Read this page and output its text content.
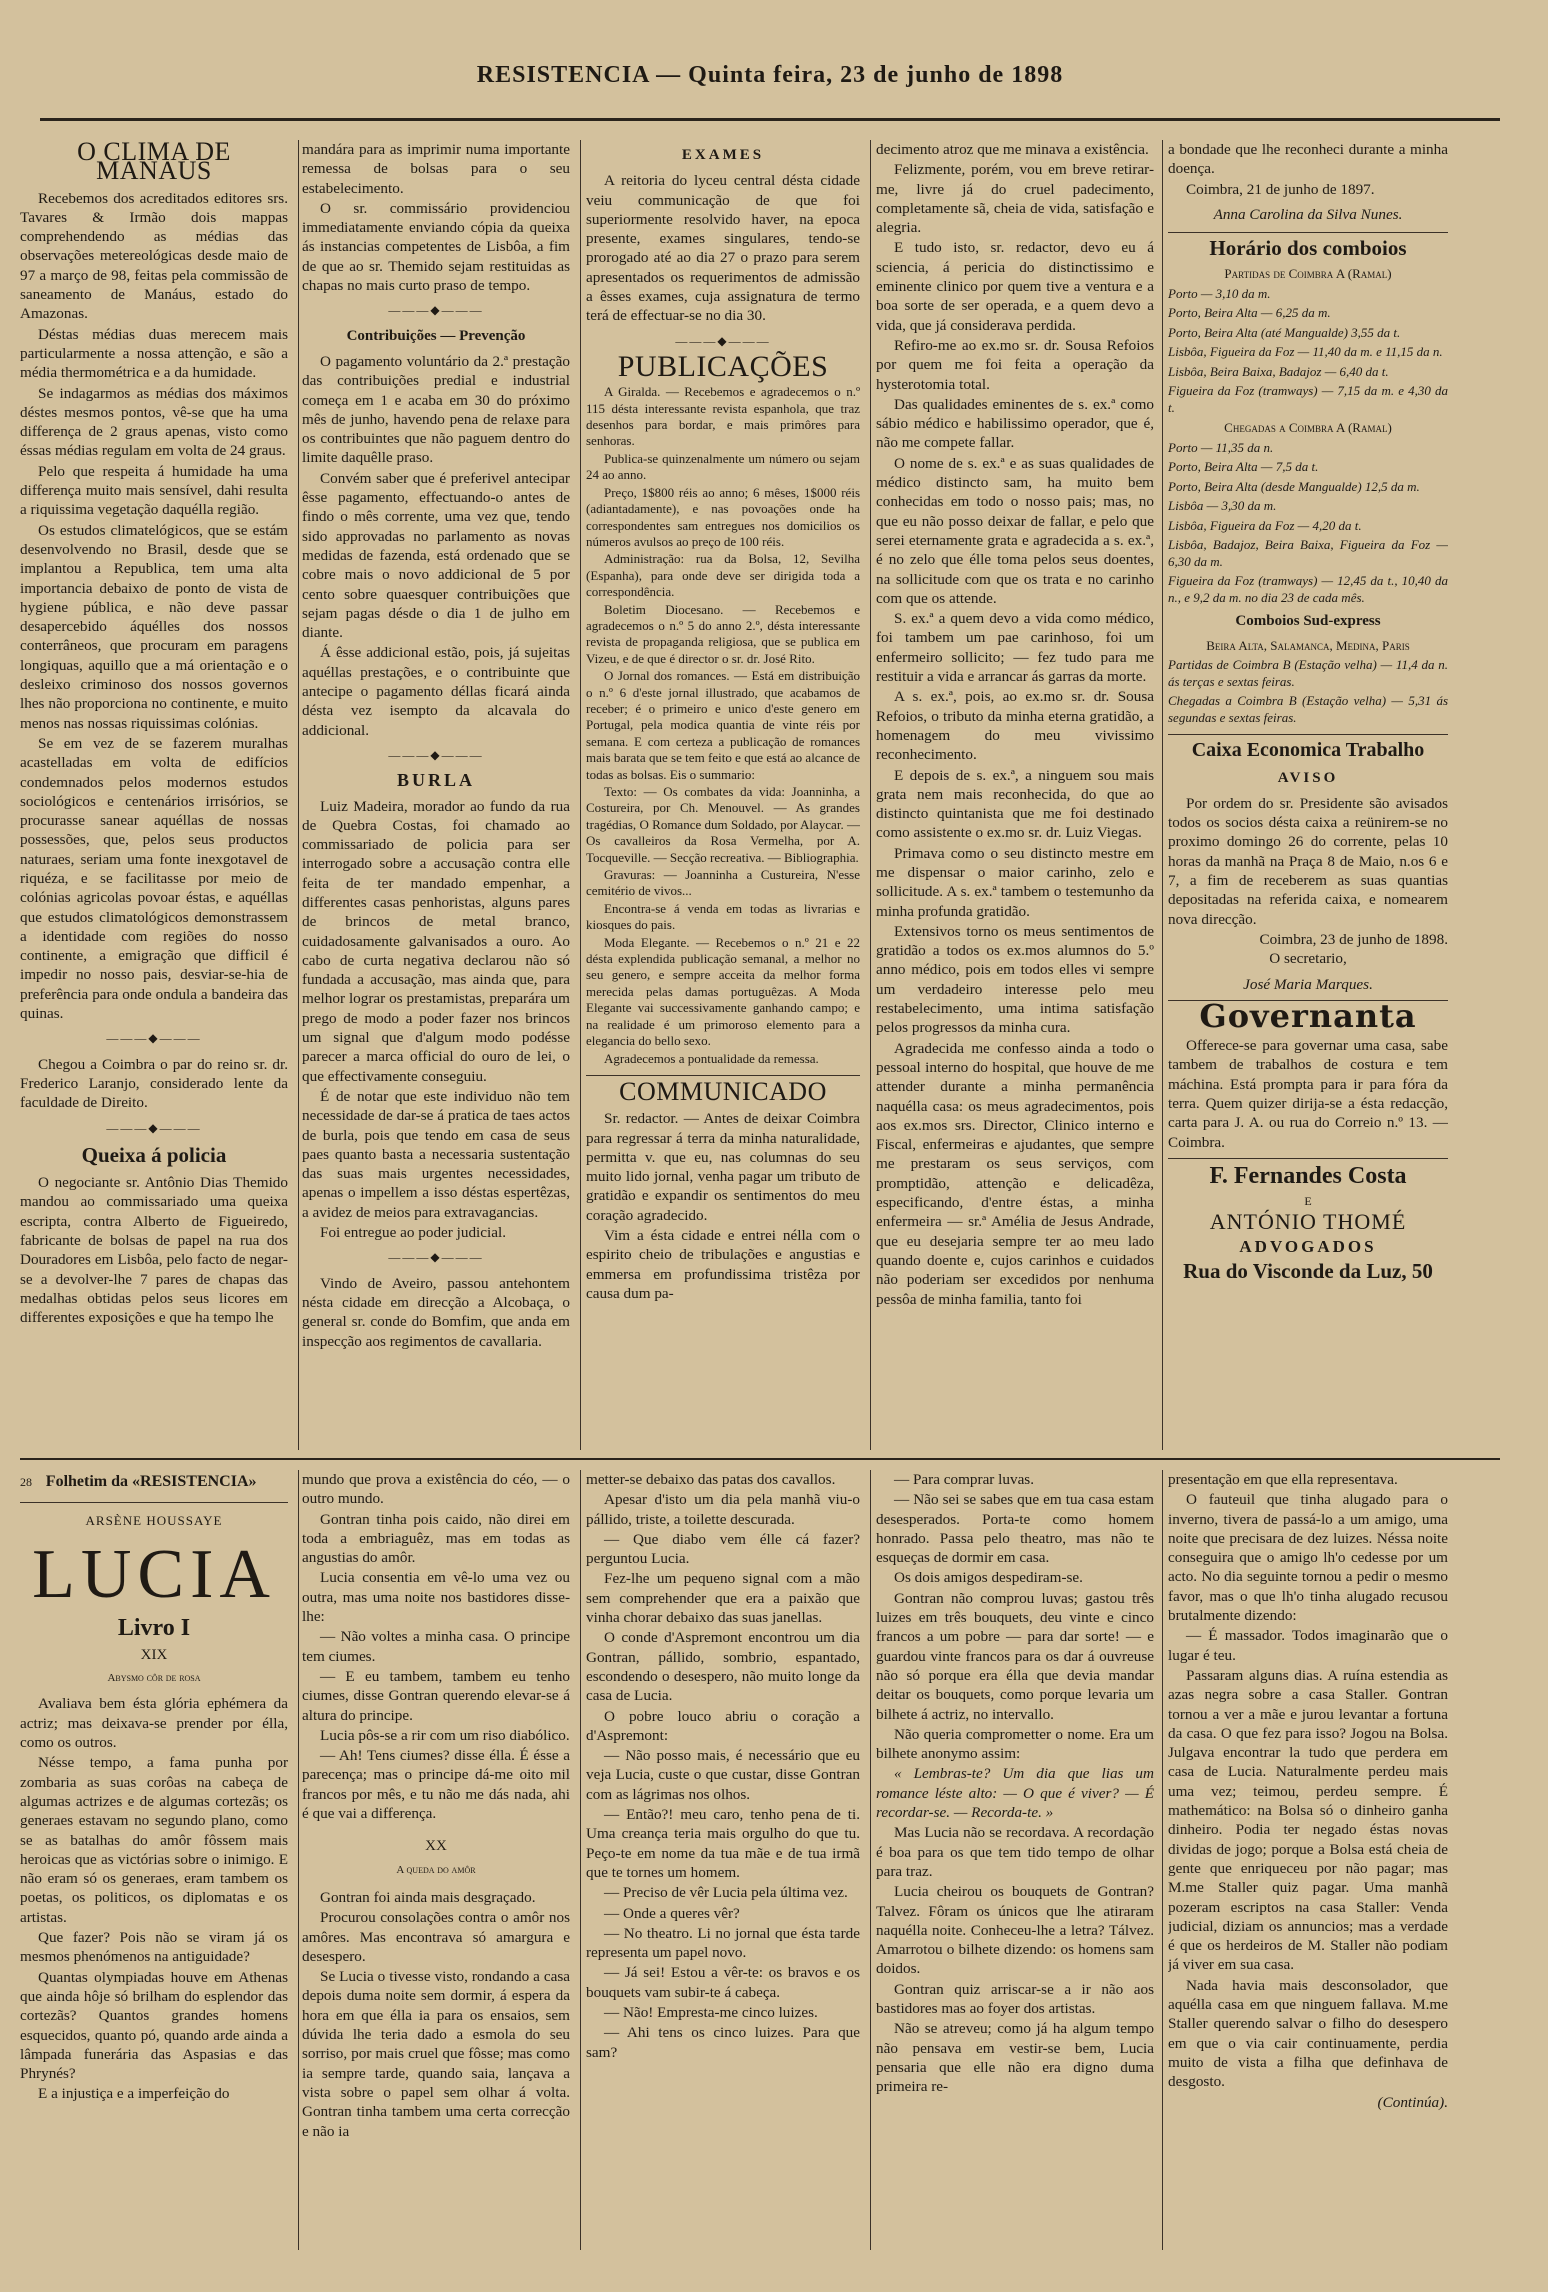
RESISTENCIA — Quinta feira, 23 de junho de 1898
O CLIMA DE MANAUS

Recebemos dos acreditados editores srs. Tavares & Irmão dois mappas comprehendendo as médias das observações metereológicas desde maio de 97 a março de 98, feitas pela commissão de saneamento de Manáus, estado do Amazonas.

Déstas médias duas merecem mais particularmente a nossa attenção, e são a média thermométrica e a da humidade.

Se indagarmos as médias dos máximos déstes mesmos pontos, vê-se que ha uma differença de 2 graus apenas, visto como éssas médias regulam em volta de 24 graus.

Pelo que respeita á humidade ha uma differença muito mais sensível, dahi resulta a riquissima vegetação daquélla região.

Os estudos climatelógicos, que se estám desenvolvendo no Brasil, desde que se implantou a Republica, tem uma alta importancia debaixo de ponto de vista de hygiene pública, e não deve passar desapercebido áquélles dos nossos conterrâneos, que procuram em paragens longiquas, aquillo que a má orientação e o desleixo criminoso dos nossos governos lhes não proporciona no continente, e muito menos nas nossas riquissimas colónias.

Se em vez de se fazerem muralhas acastelladas em volta de edifícios condemnados pelos modernos estudos sociológicos e centenários irrisórios, se procurasse sanear aquéllas de nossas possessões, que, pelos seus productos naturaes, seriam uma fonte inexgotavel de riquéza, e se facilitasse por meio de colónias agricolas povoar éstas, e aquéllas que estudos climatológicos demonstrassem a identidade com regiões do nosso continente, a emigração que difficil é impedir no nosso pais, desviar-se-hia de preferência para onde ondula a bandeira das quinas.

———◆———

Chegou a Coimbra o par do reino sr. dr. Frederico Laranjo, considerado lente da faculdade de Direito.

———◆———
Queixa á policia

O negociante sr. Antônio Dias Themido mandou ao commissariado uma queixa escripta, contra Alberto de Figueiredo, fabricante de bolsas de papel na rua dos Douradores em Lisbôa, pelo facto de negar-se a devolver-lhe 7 pares de chapas das medalhas obtidas pelos seus licores em differentes exposições e que ha tempo lhe

mandára para as imprimir numa importante remessa de bolsas para o seu estabelecimento.

O sr. commissário providenciou immediatamente enviando cópia da queixa ás instancias competentes de Lisbôa, a fim de que ao sr. Themido sejam restituidas as chapas no mais curto praso de tempo.

———◆———
Contribuições — Prevenção

O pagamento voluntário da 2.ª prestação das contribuições predial e industrial começa em 1 e acaba em 30 do próximo mês de junho, havendo pena de relaxe para os contribuintes que não paguem dentro do limite daquêlle praso.

Convém saber que é preferivel antecipar êsse pagamento, effectuando-o antes de findo o mês corrente, uma vez que, tendo sido approvadas no parlamento as novas medidas de fazenda, está ordenado que se cobre mais o novo addicional de 5 por cento sobre quaesquer contribuições que sejam pagas désde o dia 1 de julho em diante.

Á êsse addicional estão, pois, já sujeitas aquéllas prestações, e o contribuinte que antecipe o pagamento déllas ficará ainda désta vez isempto da alcavala do addicional.

———◆———
BURLA

Luiz Madeira, morador ao fundo da rua de Quebra Costas, foi chamado ao commissariado de policia para ser interrogado sobre a accusação contra elle feita de ter mandado empenhar, a differentes casas penhoristas, alguns pares de brincos de metal branco, cuidadosamente galvanisados a ouro. Ao cabo de curta negativa declarou não só fundada a accusação, mas ainda que, para melhor lograr os prestamistas, preparára um prego de modo a poder fazer nos brincos um signal que d'algum modo podésse parecer a marca official do ouro de lei, o que effectivamente conseguiu.

É de notar que este individuo não tem necessidade de dar-se á pratica de taes actos de burla, pois que tendo em casa de seus paes quanto basta a necessaria sustentação das suas mais urgentes necessidades, apenas o impellem a isso déstas espertêzas, a avidez de meios para extravagancias.

Foi entregue ao poder judicial.

———◆———

Vindo de Aveiro, passou antehontem nésta cidade em direcção a Alcobaça, o general sr. conde do Bomfim, que anda em inspecção aos regimentos de cavallaria.

EXAMES

A reitoria do lyceu central désta cidade veiu communicação de que foi superiormente resolvido haver, na epoca presente, exames singulares, tendo-se prorogado até ao dia 27 o prazo para serem apresentados os requerimentos de admissão a êsses exames, cuja assignatura de termo terá de effectuar-se no dia 30.

———◆———
PUBLICAÇÕES

A Giralda. — Recebemos e agradecemos o n.º 115 désta interessante revista espanhola, que traz desenhos para bordar, e mais primôres para senhoras.

Publica-se quinzenalmente um número ou sejam 24 ao anno.

Preço, 1$800 réis ao anno; 6 mêses, 1$000 réis (adiantadamente), e nas povoações onde ha correspondentes sam entregues nos domicilios os números avulsos ao preço de 100 réis.

Administração: rua da Bolsa, 12, Sevilha (Espanha), para onde deve ser dirigida toda a correspondência.

Boletim Diocesano. — Recebemos e agradecemos o n.º 5 do anno 2.º, désta interessante revista de propaganda religiosa, que se publica em Vizeu, e de que é director o sr. dr. José Rito.

O Jornal dos romances. — Está em distribuição o n.º 6 d'este jornal illustrado, que acabamos de receber; é o primeiro e unico d'este genero em Portugal, pela modica quantia de vinte réis por semana. E com certeza a publicação de romances mais barata que se tem feito e que está ao alcance de todas as bolsas. Eis o summario:

Texto: — Os combates da vida: Joanninha, a Costureira, por Ch. Menouvel. — As grandes tragédias, O Romance dum Soldado, por Alaycar. — Os cavalleiros da Rosa Vermelha, por A. Tocqueville. — Secção recreativa. — Bibliographia.

Gravuras: — Joanninha a Custureira, N'esse cemitério de vivos...

Encontra-se á venda em todas as livrarias e kiosques do pais.

Moda Elegante. — Recebemos o n.º 21 e 22 désta explendida publicação semanal, a melhor no seu genero, e sempre acceita da melhor forma merecida pelas damas portuguêzas. A Moda Elegante vai successivamente ganhando campo; e na realidade é um primoroso elemento para a elegancia do bello sexo.

Agradecemos a pontualidade da remessa.

COMMUNICADO

Sr. redactor. — Antes de deixar Coimbra para regressar á terra da minha naturalidade, permitta v. que eu, nas columnas do seu muito lido jornal, venha pagar um tributo de gratidão e expandir os sentimentos do meu coração agradecido.

Vim a ésta cidade e entrei nélla com o espirito cheio de tribulações e angustias e emmersa em profundissima tristêza por causa dum pa-

decimento atroz que me minava a existência.

Felizmente, porém, vou em breve retirar-me, livre já do cruel padecimento, completamente sã, cheia de vida, satisfação e alegria.

E tudo isto, sr. redactor, devo eu á sciencia, á pericia do distinctissimo e eminente clinico por quem tive a ventura e a boa sorte de ser operada, e a quem devo a vida, que já considerava perdida.

Refiro-me ao ex.mo sr. dr. Sousa Refoios por quem me foi feita a operação da hysterotomia total.

Das qualidades eminentes de s. ex.ª como sábio médico e habilissimo operador, que é, não me compete fallar.

O nome de s. ex.ª e as suas qualidades de médico distincto sam, ha muito bem conhecidas em todo o nosso pais; mas, no que eu não posso deixar de fallar, e pelo que serei eternamente grata e agradecida a s. ex.ª, é no zelo que élle toma pelos seus doentes, na sollicitude com que os trata e no carinho com que os attende.

S. ex.ª a quem devo a vida como médico, foi tambem um pae carinhoso, foi um enfermeiro sollicito; — fez tudo para me restituir a vida e arrancar ás garras da morte.

A s. ex.ª, pois, ao ex.mo sr. dr. Sousa Refoios, o tributo da minha eterna gratidão, a homenagem do meu vivissimo reconhecimento.

E depois de s. ex.ª, a ninguem sou mais grata nem mais reconhecida, do que ao distincto quintanista que me foi destinado como assistente o ex.mo sr. dr. Luiz Viegas.

Primava como o seu distincto mestre em me dispensar o maior carinho, zelo e sollicitude. A s. ex.ª tambem o testemunho da minha profunda gratidão.

Extensivos torno os meus sentimentos de gratidão a todos os ex.mos alumnos do 5.º anno médico, pois em todos elles vi sempre um verdadeiro interesse pelo meu restabelecimento, uma intima satisfação pelos progressos da minha cura.

Agradecida me confesso ainda a todo o pessoal interno do hospital, que houve de me attender durante a minha permanência naquélla casa: os meus agradecimentos, pois aos ex.mos srs. Director, Clinico interno e Fiscal, enfermeiras e ajudantes, que sempre me prestaram os seus serviços, com promptidão, attenção e delicadêza, especificando, d'entre éstas, a minha enfermeira — sr.ª Amélia de Jesus Andrade, que eu desejaria sempre ter ao meu lado quando doente e, cujos carinhos e cuidados não poderiam ser excedidos por nenhuma pessôa de minha familia, tanto foi

a bondade que lhe reconheci durante a minha doença.

Coimbra, 21 de junho de 1897.

Anna Carolina da Silva Nunes.
Horário dos comboios
Partidas de Coimbra A (Ramal)
Porto — 3,10 da m.
Porto, Beira Alta — 6,25 da m.
Porto, Beira Alta (até Mangualde) 3,55 da t.
Lisbôa, Figueira da Foz — 11,40 da m. e 11,15 da n.
Lisbôa, Beira Baixa, Badajoz — 6,40 da t.
Figueira da Foz (tramways) — 7,15 da m. e 4,30 da t.
Chegadas a Coimbra A (Ramal)
Porto — 11,35 da n.
Porto, Beira Alta — 7,5 da t.
Porto, Beira Alta (desde Mangualde) 12,5 da m.
Lisbôa — 3,30 da m.
Lisbôa, Figueira da Foz — 4,20 da t.
Lisbôa, Badajoz, Beira Baixa, Figueira da Foz — 6,30 da m.
Figueira da Foz (tramways) — 12,45 da t., 10,40 da n., e 9,2 da m. no dia 23 de cada mês.
Comboios Sud-express
Beira Alta, Salamanca, Medina, Paris
Partidas de Coimbra B (Estação velha) — 11,4 da n. ás terças e sextas feiras.
Chegadas a Coimbra B (Estação velha) — 5,31 ás segundas e sextas feiras.
Caixa Economica Trabalho
AVISO

Por ordem do sr. Presidente são avisados todos os socios désta caixa a reünirem-se no proximo domingo 26 do corrente, pelas 10 horas da manhã na Praça 8 de Maio, n.os 6 e 7, a fim de receberem as suas quantias depositadas na referida caixa, e nomearem nova direcção.

Coimbra, 23 de junho de 1898.
O secretario,
José Maria Marques.
Governanta

Offerece-se para governar uma casa, sabe tambem de trabalhos de costura e tem máchina. Está prompta para ir para fóra da terra. Quem quizer dirija-se a ésta redacção, carta para J. A. ou rua do Correio n.º 13. — Coimbra.

F. Fernandes Costa
E
ANTÓNIO THOMÉ
ADVOGADOS
Rua do Visconde da Luz, 50
28 Folhetim da «RESISTENCIA»
ARSÈNE HOUSSAYE
LUCIA
Livro I
XIX
Abysmo côr de rosa

Avaliava bem ésta glória ephémera da actriz; mas deixava-se prender por élla, como os outros.

Nésse tempo, a fama punha por zombaria as suas corôas na cabeça de algumas actrizes e de algumas cortezãs; os generaes estavam no segundo plano, como se as batalhas do amôr fôssem mais heroicas que as victórias sobre o inimigo. E não eram só os generaes, eram tambem os poetas, os politicos, os diplomatas e os artistas.

Que fazer? Pois não se viram já os mesmos phenómenos na antiguidade?

Quantas olympiadas houve em Athenas que ainda hôje só brilham do esplendor das cortezãs? Quantos grandes homens esquecidos, quanto pó, quando arde ainda a lâmpada funerária das Aspasias e das Phrynés?

E a injustiça e a imperfeição do

mundo que prova a existência do céo, — o outro mundo.

Gontran tinha pois caido, não direi em toda a embriaguêz, mas em todas as angustias do amôr.

Lucia consentia em vê-lo uma vez ou outra, mas uma noite nos bastidores disse-lhe:

— Não voltes a minha casa. O principe tem ciumes.

— E eu tambem, tambem eu tenho ciumes, disse Gontran querendo elevar-se á altura do principe.

Lucia pôs-se a rir com um riso diabólico.

— Ah! Tens ciumes? disse élla. É ésse a parecença; mas o principe dá-me oito mil francos por mês, e tu não me dás nada, ahi é que vai a differença.

XX
A queda do amôr

Gontran foi ainda mais desgraçado.

Procurou consolações contra o amôr nos amôres. Mas encontrava só amargura e desespero.

Se Lucia o tivesse visto, rondando a casa depois duma noite sem dormir, á espera da hora em que élla ia para os ensaios, sem dúvida lhe teria dado a esmola do seu sorriso, por mais cruel que fôsse; mas como ia sempre tarde, quando saia, lançava a vista sobre o papel sem olhar á volta. Gontran tinha tambem uma certa correcção e não ia

metter-se debaixo das patas dos cavallos.

Apesar d'isto um dia pela manhã viu-o pállido, triste, a toilette descurada.

— Que diabo vem élle cá fazer? perguntou Lucia.

Fez-lhe um pequeno signal com a mão sem comprehender que era a paixão que vinha chorar debaixo das suas janellas.

O conde d'Aspremont encontrou um dia Gontran, pállido, sombrio, espantado, escondendo o desespero, não muito longe da casa de Lucia.

O pobre louco abriu o coração a d'Aspremont:

— Não posso mais, é necessário que eu veja Lucia, custe o que custar, disse Gontran com as lágrimas nos olhos.

— Então?! meu caro, tenho pena de ti. Uma creança teria mais orgulho do que tu. Peço-te em nome da tua mãe e de tua irmã que te tornes um homem.

— Preciso de vêr Lucia pela última vez.

— Onde a queres vêr?

— No theatro. Li no jornal que ésta tarde representa um papel novo.

— Já sei! Estou a vêr-te: os bravos e os bouquets vam subir-te á cabeça.

— Não! Empresta-me cinco luizes.

— Ahi tens os cinco luizes. Para que sam?

— Para comprar luvas.

— Não sei se sabes que em tua casa estam desesperados. Porta-te como homem honrado. Passa pelo theatro, mas não te esqueças de dormir em casa.

Os dois amigos despediram-se.

Gontran não comprou luvas; gastou três luizes em três bouquets, deu vinte e cinco francos a um pobre — para dar sorte! — e guardou vinte francos para os dar á ouvreuse não só porque era élla que devia mandar deitar os bouquets, como porque levaria um bilhete á actriz, no intervallo.

Não queria comprometter o nome. Era um bilhete anonymo assim:

« Lembras-te? Um dia que lias um romance léste alto: — O que é viver? — É recordar-se. — Recorda-te. »

Mas Lucia não se recordava. A recordação é boa para os que tem tido tempo de olhar para traz.

Lucia cheirou os bouquets de Gontran? Talvez. Fôram os únicos que lhe atiraram naquélla noite. Conheceu-lhe a letra? Tálvez. Amarrotou o bilhete dizendo: os homens sam doidos.

Gontran quiz arriscar-se a ir não aos bastidores mas ao foyer dos artistas.

Não se atreveu; como já ha algum tempo não pensava em vestir-se bem, Lucia pensaria que elle não era digno duma primeira re-

presentação em que ella representava.

O fauteuil que tinha alugado para o inverno, tivera de passá-lo a um amigo, uma noite que precisara de dez luizes. Néssa noite conseguira que o amigo lh'o cedesse por um acto. No dia seguinte tornou a pedir o mesmo favor, mas o que lh'o tinha alugado recusou brutalmente dizendo:

— É massador. Todos imaginarão que o lugar é teu.

Passaram alguns dias. A ruína estendia as azas negra sobre a casa Staller. Gontran tornou a ver a mãe e jurou levantar a fortuna da casa. O que fez para isso? Jogou na Bolsa. Julgava encontrar la tudo que perdera em casa de Lucia. Naturalmente perdeu mais uma vez; teimou, perdeu sempre. É mathemático: na Bolsa só o dinheiro ganha dinheiro. Podia ter negado éstas novas dividas de jogo; porque a Bolsa está cheia de gente que enriqueceu por não pagar; mas M.me Staller quiz pagar. Uma manhã pozeram escriptos na casa Staller: Venda judicial, diziam os annuncios; mas a verdade é que os herdeiros de M. Staller não podiam já viver em sua casa.

Nada havia mais desconsolador, que aquélla casa em que ninguem fallava. M.me Staller querendo salvar o filho do desespero em que o via cair continuamente, perdia muito de vista a filha que definhava de desgosto.

(Continúa).
